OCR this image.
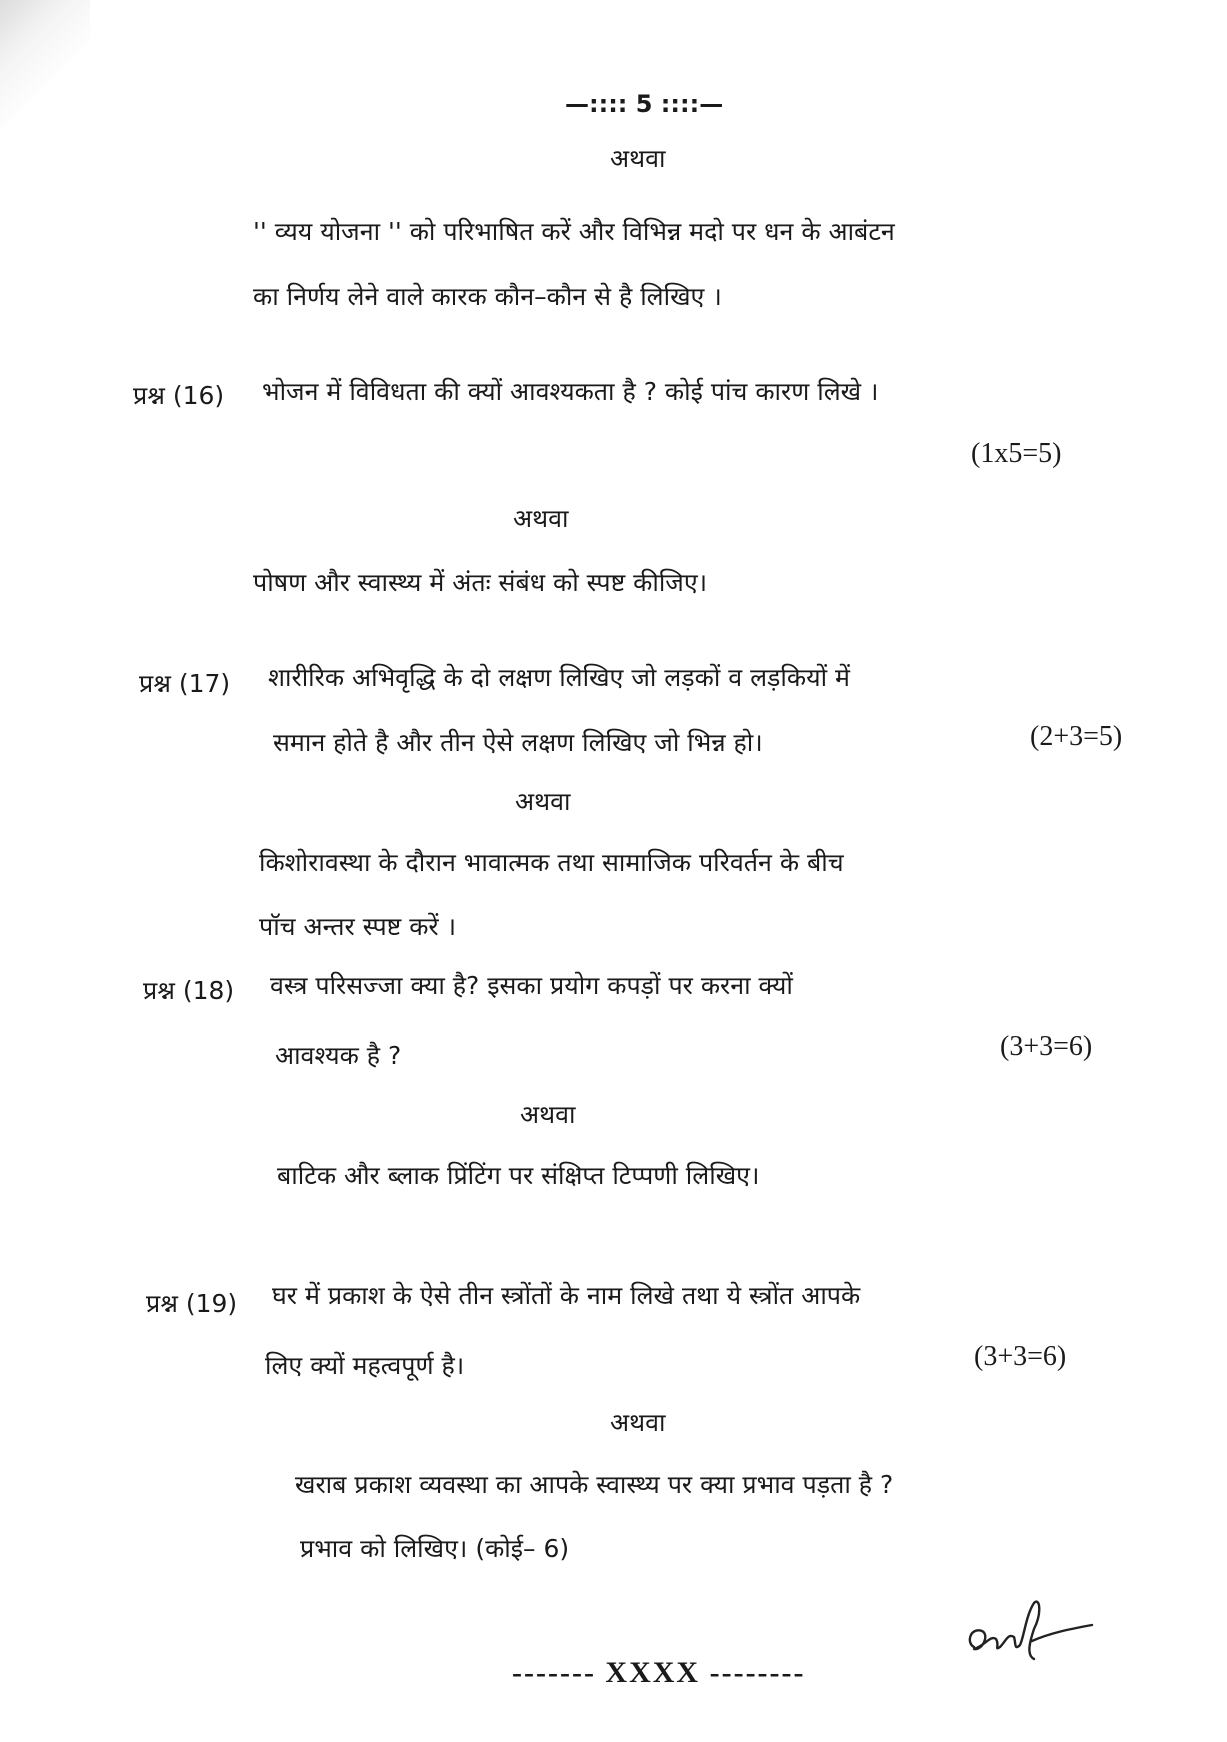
—:::: 5 ::::—
अथवा
'' व्यय योजना '' को परिभाषित करें और विभिन्न मदो पर धन के आबंटन
का निर्णय लेने वाले कारक कौन–कौन से है लिखिए ।
प्रश्न (16) भोजन में विविधता की क्यों आवश्यकता है ? कोई पांच कारण लिखे ।
(1x5=5)
अथवा
पोषण और स्वास्थ्य में अंतः संबंध को स्पष्ट कीजिए।
प्रश्न (17) शारीरिक अभिवृद्धि के दो लक्षण लिखिए जो लड़कों व लड़कियों में
समान होते है और तीन ऐसे लक्षण लिखिए जो भिन्न हो।	(2+3=5)
अथवा
किशोरावस्था के दौरान भावात्मक तथा सामाजिक परिवर्तन के बीच
पॉच अन्तर स्पष्ट करें ।
प्रश्न (18) वस्त्र परिसज्जा क्या है? इसका प्रयोग कपड़ों पर करना क्यों
आवश्यक है ?	(3+3=6)
अथवा
बाटिक और ब्लाक प्रिंटिंग पर संक्षिप्त टिप्पणी लिखिए।
प्रश्न (19) घर में प्रकाश के ऐसे तीन स्त्रोंतों के नाम लिखे तथा ये स्त्रोंत आपके
लिए क्यों महत्वपूर्ण है।	(3+3=6)
अथवा
खराब प्रकाश व्यवस्था का आपके स्वास्थ्य पर क्या प्रभाव पड़ता है ?
प्रभाव को लिखिए। (कोई– 6)
------- XXXX --------
